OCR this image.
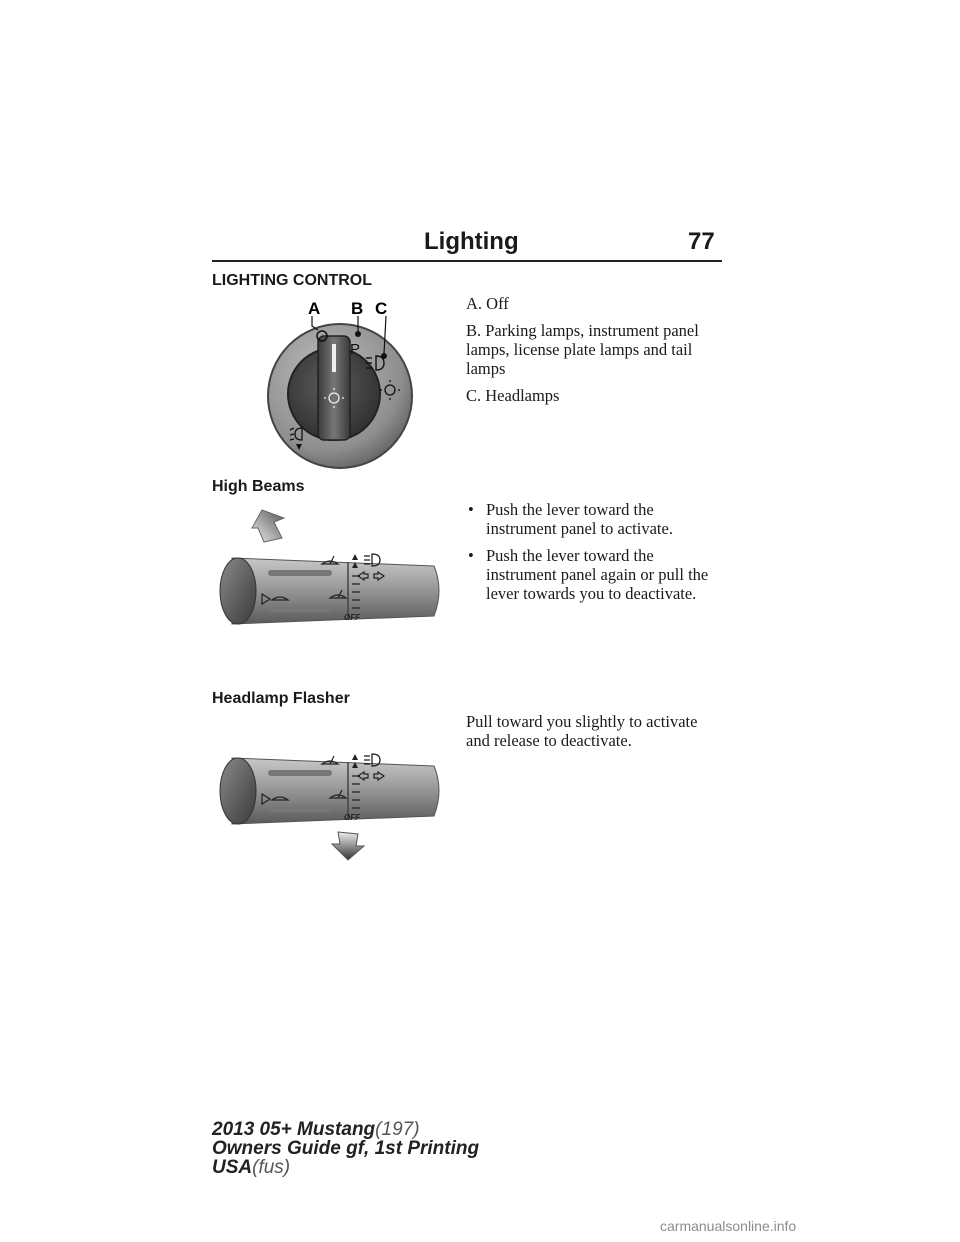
Lighting	77
LIGHTING CONTROL
A B C
P

A. Off

B. Parking lamps, instrument panel lamps, license plate lamps and tail lamps

C. Headlamps

High Beams
OFF
• Push the lever toward the instrument panel to activate.
• Push the lever toward the instrument panel again or pull the lever towards you to deactivate.
Headlamp Flasher

Pull toward you slightly to activate and release to deactivate.

OFF
2013 05+ Mustang(197)
Owners Guide gf, 1st Printing
USA(fus)
carmanualsonline.info
